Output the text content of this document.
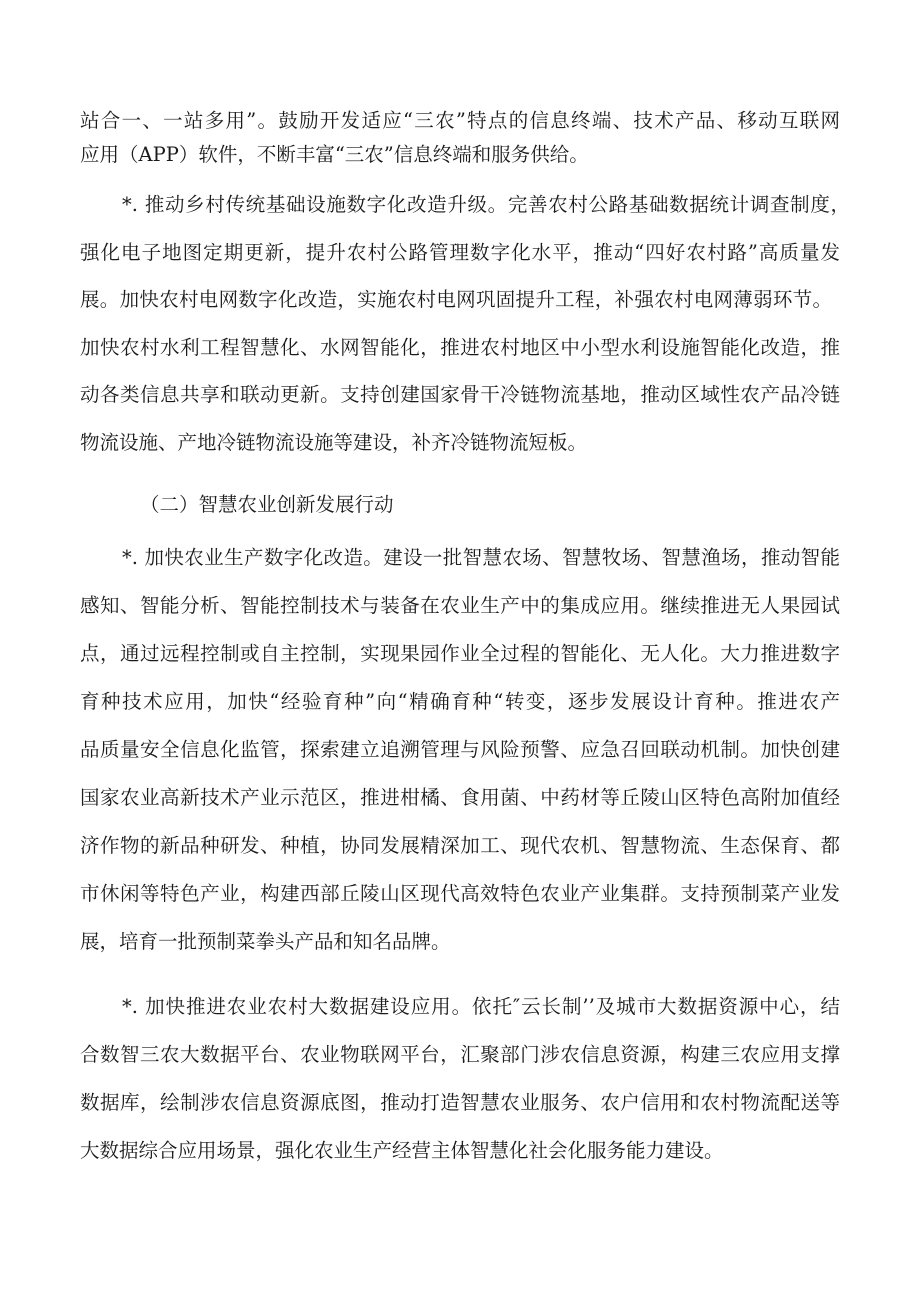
站合一、一站多用”。鼓励开发适应“三农”特点的信息终端、技术产品、移动互联网
应用（APP）软件，不断丰富“三农”信息终端和服务供给。
*. 推动乡村传统基础设施数字化改造升级。完善农村公路基础数据统计调查制度，
强化电子地图定期更新，提升农村公路管理数字化水平，推动“四好农村路”高质量发
展。加快农村电网数字化改造，实施农村电网巩固提升工程，补强农村电网薄弱环节。
加快农村水利工程智慧化、水网智能化，推进农村地区中小型水利设施智能化改造，推
动各类信息共享和联动更新。支持创建国家骨干冷链物流基地，推动区域性农产品冷链
物流设施、产地冷链物流设施等建设，补齐冷链物流短板。
（二）智慧农业创新发展行动
*. 加快农业生产数字化改造。建设一批智慧农场、智慧牧场、智慧渔场，推动智能
感知、智能分析、智能控制技术与装备在农业生产中的集成应用。继续推进无人果园试
点，通过远程控制或自主控制，实现果园作业全过程的智能化、无人化。大力推进数字
育种技术应用，加快“经验育种”向“精确育种“转变，逐步发展设计育种。推进农产
品质量安全信息化监管，探索建立追溯管理与风险预警、应急召回联动机制。加快创建
国家农业高新技术产业示范区，推进柑橘、食用菌、中药材等丘陵山区特色高附加值经
济作物的新品种研发、种植，协同发展精深加工、现代农机、智慧物流、生态保育、都
市休闲等特色产业，构建西部丘陵山区现代高效特色农业产业集群。支持预制菜产业发
展，培育一批预制菜拳头产品和知名品牌。
*. 加快推进农业农村大数据建设应用。依托″云长制’’及城市大数据资源中心，结
合数智三农大数据平台、农业物联网平台，汇聚部门涉农信息资源，构建三农应用支撑
数据库，绘制涉农信息资源底图，推动打造智慧农业服务、农户信用和农村物流配送等
大数据综合应用场景，强化农业生产经营主体智慧化社会化服务能力建设。
